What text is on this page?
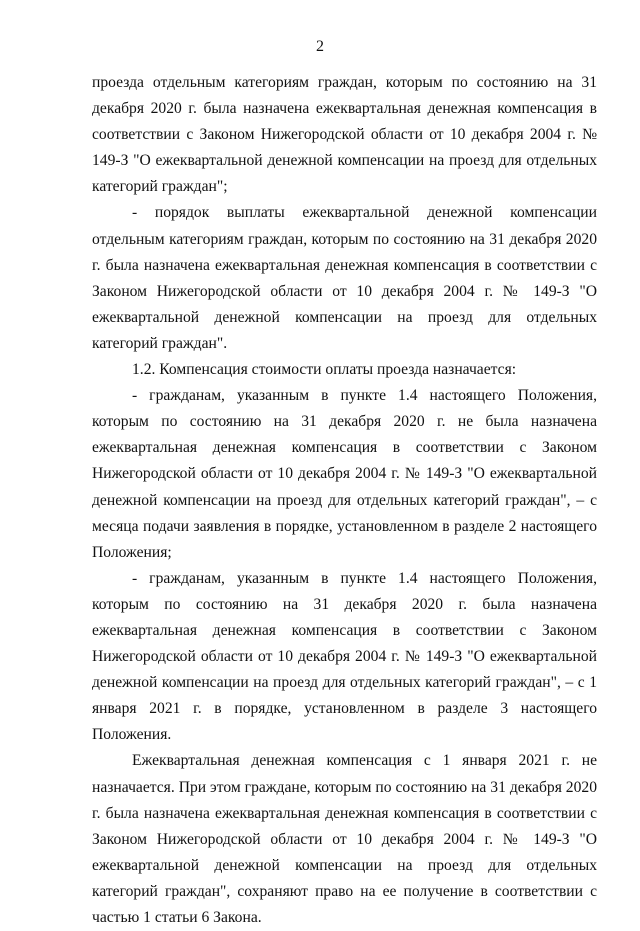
2

проезда отдельным категориям граждан, которым по состоянию на 31 декабря 2020 г. была назначена ежеквартальная денежная компенсация в соответствии с Законом Нижегородской области от 10 декабря 2004 г. № 149-З "О ежеквартальной денежной компенсации на проезд для отдельных категорий граждан";

- порядок выплаты ежеквартальной денежной компенсации отдельным категориям граждан, которым по состоянию на 31 декабря 2020 г. была назначена ежеквартальная денежная компенсация в соответствии с Законом Нижегородской области от 10 декабря 2004 г. № 149-З "О ежеквартальной денежной компенсации на проезд для отдельных категорий граждан".

1.2. Компенсация стоимости оплаты проезда назначается:

- гражданам, указанным в пункте 1.4 настоящего Положения, которым по состоянию на 31 декабря 2020 г. не была назначена ежеквартальная денежная компенсация в соответствии с Законом Нижегородской области от 10 декабря 2004 г. № 149-З "О ежеквартальной денежной компенсации на проезд для отдельных категорий граждан", – с месяца подачи заявления в порядке, установленном в разделе 2 настоящего Положения;

- гражданам, указанным в пункте 1.4 настоящего Положения, которым по состоянию на 31 декабря 2020 г. была назначена ежеквартальная денежная компенсация в соответствии с Законом Нижегородской области от 10 декабря 2004 г. № 149-З "О ежеквартальной денежной компенсации на проезд для отдельных категорий граждан", – с 1 января 2021 г. в порядке, установленном в разделе 3 настоящего Положения.

Ежеквартальная денежная компенсация с 1 января 2021 г. не назначается. При этом граждане, которым по состоянию на 31 декабря 2020 г. была назначена ежеквартальная денежная компенсация в соответствии с Законом Нижегородской области от 10 декабря 2004 г. № 149-З "О ежеквартальной денежной компенсации на проезд для отдельных категорий граждан", сохраняют право на ее получение в соответствии с частью 1 статьи 6 Закона.
